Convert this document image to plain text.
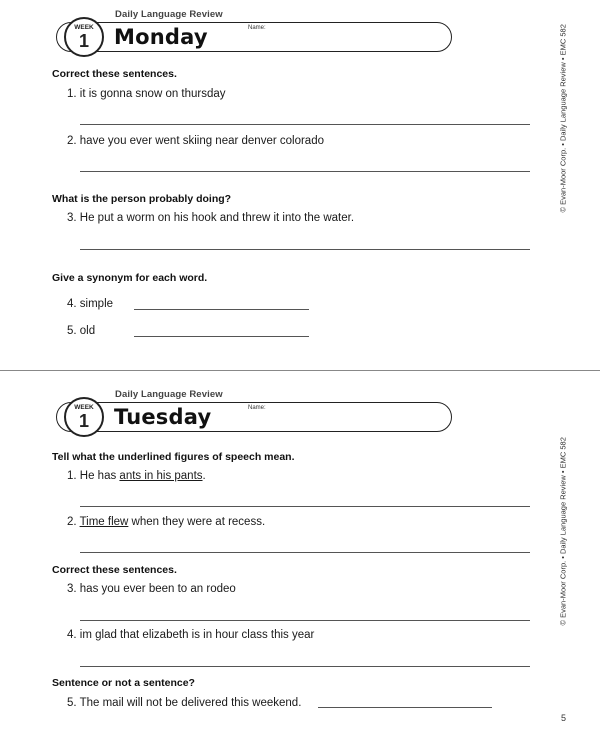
Daily Language Review
WEEK
1	Monday	Name:
Correct these sentences.
1. it is gonna snow on thursday
2. have you ever went skiing near denver colorado
What is the person probably doing?
3. He put a worm on his hook and threw it into the water.
Give a synonym for each word.
4. simple
5. old
© Evan-Moor Corp. • Daily Language Review • EMC 582
Daily Language Review
WEEK
1	Tuesday	Name:
Tell what the underlined figures of speech mean.
1. He has ants in his pants.
2. Time flew when they were at recess.
Correct these sentences.
3. has you ever been to an rodeo
4. im glad that elizabeth is in hour class this year
Sentence or not a sentence?
5. The mail will not be delivered this weekend.
© Evan-Moor Corp. • Daily Language Review • EMC 582
5
